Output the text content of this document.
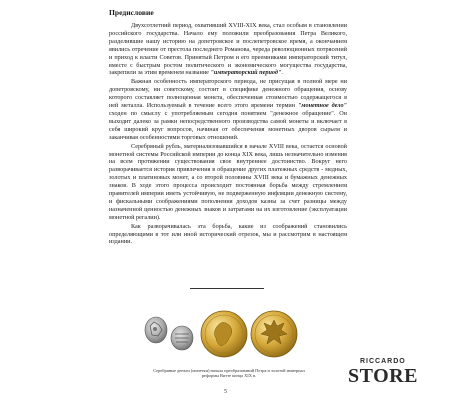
Предисловие

Двухсотлетний период, охвативший XVIII-XIX века, стал особым в становлении российского государства. Начало ему положили преобразования Петра Великого, разделившие нашу историю на допетровское и послепетровское время, а окончанием явились отречение от престола последнего Романова, череда революционных потрясений и приход к власти Советов. Принятый Петром и его преемниками императорский титул, вместе с быстрым ростом политического и экономического могущества государства, закрепили за этим временем название "императорский период".

Важная особенность императорского периода, не присущая в полной мере ни допетровскому, ни советскому, состоит в специфике денежного обращения, основу которого составляет полноценная монета, обеспеченная стоимостью содержащегося в ней металла. Используемый в течение всего этого времени термин "монетное дело" сходен по смыслу с употребляемым сегодня понятием "денежное обращение". Он выходит далеко за рамки непосредственного производства самой монеты и включает в себя широкий круг вопросов, начиная от обеспечения монетных дворов сырьем и заканчивая особенностями торговых отношений.

Серебряный рубль, материализовавшийся в начале XVIII века, остается основой монетной системы Российской империи до конца XIX века, лишь незначительно изменив на всем протяжении существования свое внутреннее достоинство. Вокруг него разворачивается история привлечения в обращение других платежных средств - медных, золотых и платиновых монет, а со второй половины XVIII века и бумажных денежных знаков. В ходе этого процесса происходит постоянная борьба между стремлением правителей империи иметь устойчивую, не подверженную инфляции денежную систему, и фискальными соображениями пополнения доходов казны за счет разницы между назначенной ценностью денежных знаков и затратами на их изготовление (эксплуатации монетной регалии).

Как разворачивалась эта борьба, какие из соображений становились определяющими в тот или иной исторический отрезок, мы и рассмотрим в настоящем издании.

Серебряные деньги (монетки) начала преобразований Петра и золотой империал реформы Витте конца XIX в.
5
RICCARDO
STORE
